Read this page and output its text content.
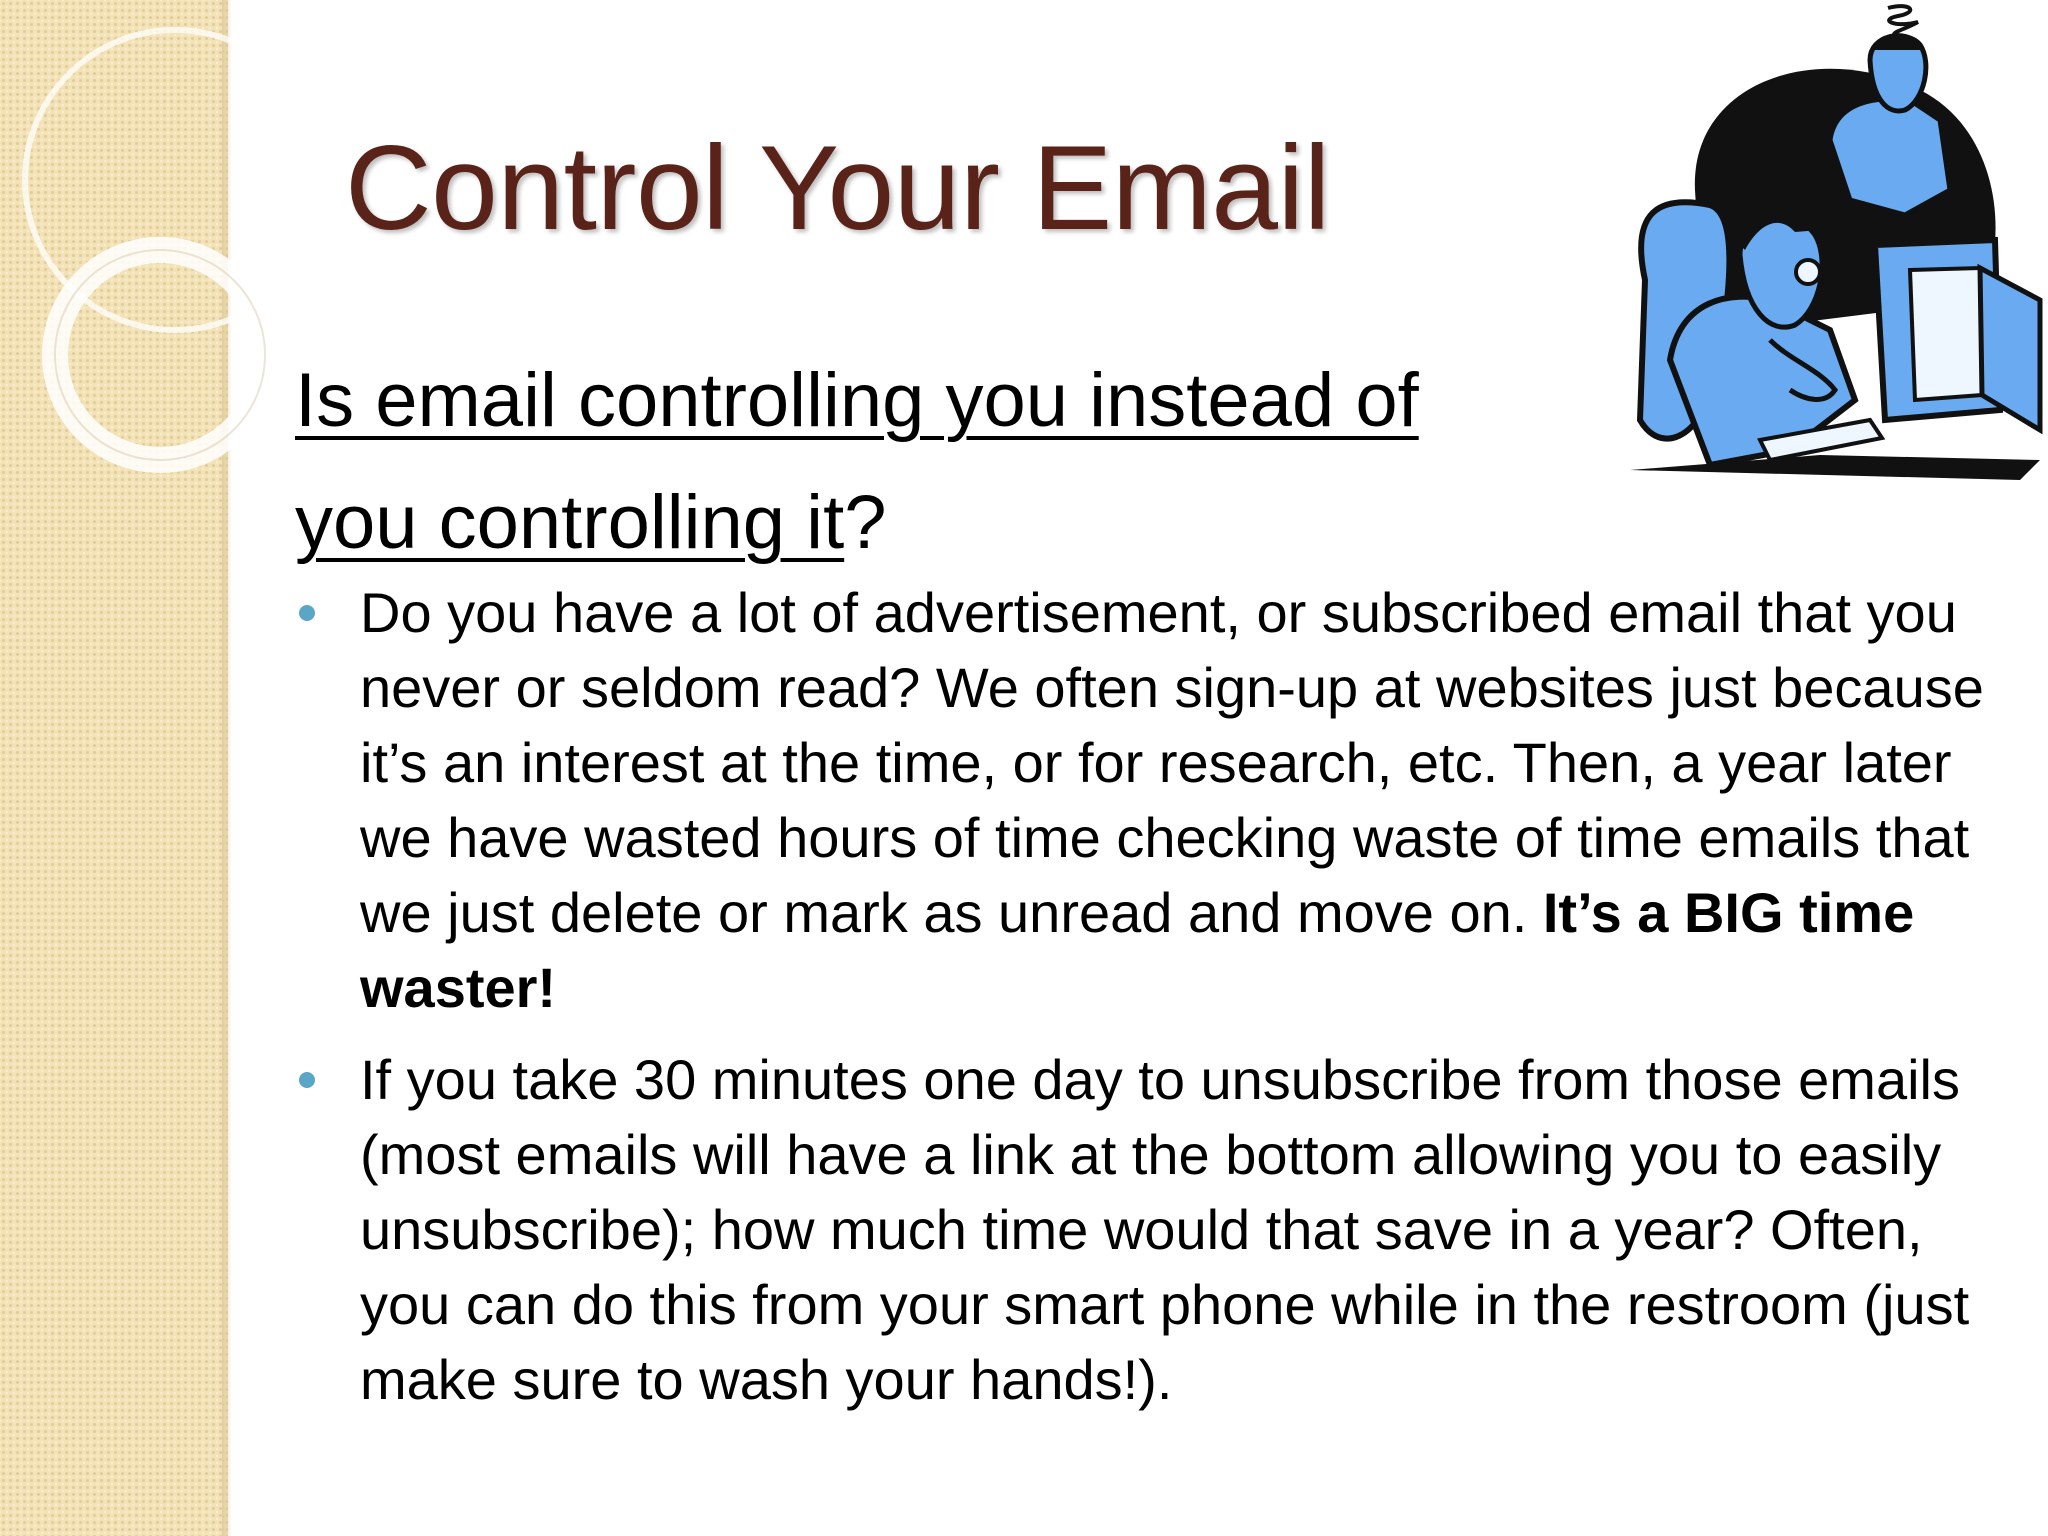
Control Your Email
Is email controlling you instead of
you controlling it?
Do you have a lot of advertisement, or subscribed email that you never or seldom read? We often sign-up at websites just because it’s an interest at the time, or for research, etc. Then, a year later we have wasted hours of time checking waste of time emails that we just delete or mark as unread and move on. It’s a BIG time waster!
If you take 30 minutes one day to unsubscribe from those emails (most emails will have a link at the bottom allowing you to easily unsubscribe); how much time would that save in a year? Often, you can do this from your smart phone while in the restroom (just make sure to wash your hands!).
